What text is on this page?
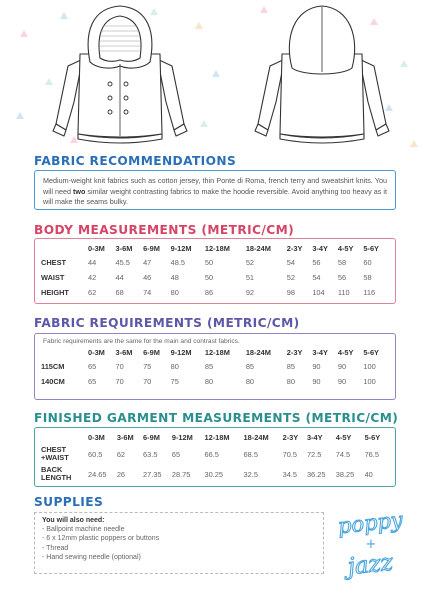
FABRIC RECOMMENDATIONS
Medium-weight knit fabrics such as cotton jersey, thin Ponte di Roma, french terry and sweatshirt knits. You will need two similar weight contrasting fabrics to make the hoodie reversible. Avoid anything too heavy as it will make the seams bulky.
BODY MEASUREMENTS (METRIC/CM)
	0-3M	3-6M	6-9M	9-12M	12-18M	18-24M	2-3Y	3-4Y	4-5Y	5-6Y
CHEST	44	45.5	47	48.5	50	52	54	56	58	60
WAIST	42	44	46	48	50	51	52	54	56	58
HEIGHT	62	68	74	80	86	92	98	104	110	116
FABRIC REQUIREMENTS (METRIC/CM)
Fabric requirements are the same for the main and contrast fabrics.
	0-3M	3-6M	6-9M	9-12M	12-18M	18-24M	2-3Y	3-4Y	4-5Y	5-6Y
115CM	65	70	75	80	85	85	85	90	90	100
140CM	65	70	70	75	80	80	80	90	90	100
FINISHED GARMENT MEASUREMENTS (METRIC/CM)
	0-3M	3-6M	6-9M	9-12M	12-18M	18-24M	2-3Y	3-4Y	4-5Y	5-6Y
CHEST
+WAIST	60.5	62	63.5	65	66.5	68.5	70.5	72.5	74.5	76.5
BACK
LENGTH	24.65	26	27.35	28.75	30.25	32.5	34.5	36.25	38.25	40
SUPPLIES
You will also need:
- Ballpoint machine needle
- 6 x 12mm plastic poppers or buttons
- Thread
- Hand sewing needle (optional)
poppy
+
jazz
